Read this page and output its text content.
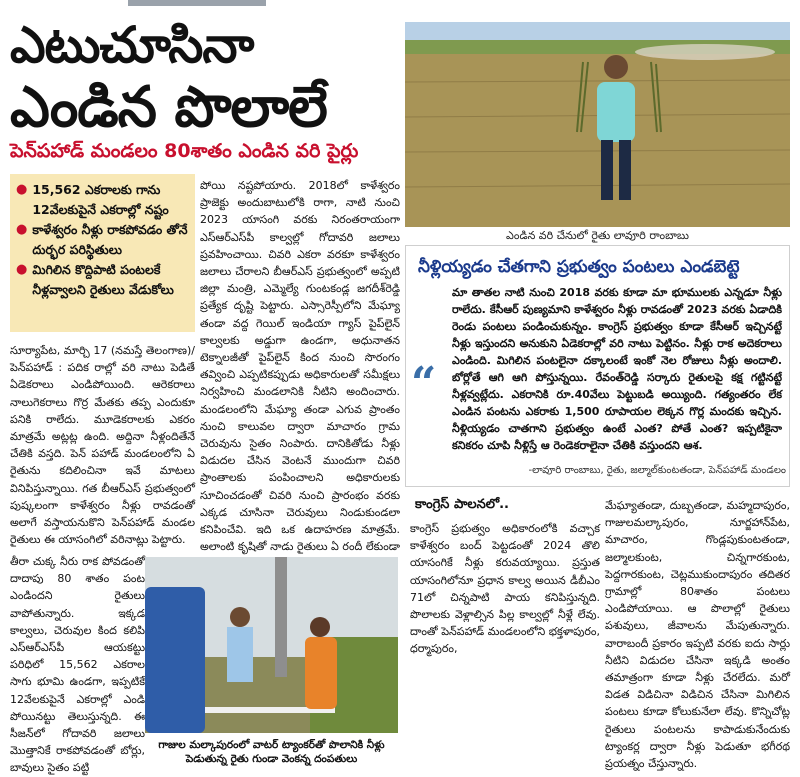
ఎటుచూసినా
ఎండిన పొలాలే
పెన్‌పహాడ్ మండలం 80శాతం ఎండిన వరి పైర్లు
● 15,562 ఎకరాలకు గాను 12వేలకుపైనే ఎకరాల్లో నష్టం
● కాళేశ్వరం నీళ్లు రాకపోవడం తోనే దుర్భర పరిస్థితులు
● మిగిలిన కొద్దిపాటి పంటలకే నీళ్లవ్వాలని రైతులు వేడుకోలు

సూర్యాపేట, మార్చి 17 (నమస్తే తెలంగాణ)/పెన్‌పహాడ్ : పదిక రాల్లో వరి నాటు పెడితే ఏడెకరాలు ఎండిపోయింది. ఆరెకరాలు నాలుగెకరాలు గొర్ర మేతకు తప్ప ఎందుకూ పనికి రాలేదు. మూడెకరాలకు ఎకరం మాత్రమే అట్లట్ల ఉంది. అద్దినా నీళ్లందితేనే చేతికి వస్తది. పెన్ పహాడ్ మండలంలోని ఏ రైతును కదిలించినా ఇవే మాటలు వినిపిస్తున్నాయి. గత బీఆర్ఎస్ ప్రభుత్వంలో పుష్కలంగా కాళేశ్వరం నీళ్లు రావడంతో అలాగే వస్తాయనుకొని పెన్‌పహాడ్ మండల రైతులు ఈ యాసంగిలో వరినాట్లు పెట్టారు.

పోయి నష్టపోయారు. 2018లో కాళేశ్వరం ప్రాజెక్టు అందుబాటులోకి రాగా, నాటి నుంచి 2023 యాసంగి వరకు నిరంతరాయంగా ఎస్ఆర్ఎస్‌పీ కాల్వల్లో గోదావరి జలాలు ప్రవహించాయి. చివరి ఎకరా వరకూ కాళేశ్వరం జలాలు చేరాలని బీఆర్ఎస్ ప్రభుత్వంలో అప్పటి జిల్లా మంత్రి, ఎమ్మెల్యే గుంటకండ్ల జగదీశ్‌రెడ్డి ప్రత్యేక దృష్టి పెట్టారు. ఎస్సారెస్పీలోని మేఘ్యా తండా వద్ద గెయిల్ ఇండియా గ్యాస్ పైప్‌లైన్ కాల్వలకు అడ్డుగా ఉండగా, అధునాతన టెక్నాలజీతో పైప్‌లైన్ కింద నుంచి సొరంగం తవ్వించి ఎప్పటికప్పుడు అధికారులతో సమీక్షలు నిర్వహించి మండలానికి నీటిని అందించారు. మండలంలోని మేఘ్యా తండా ఎగువ ప్రాంతం నుంచి కాలువల ద్వారా మాచారం గ్రామ చెరువును సైతం నింపారు. దానికితోడు నీళ్లు విడుదల చేసిన వెంటనే ముందుగా చివరి ప్రాంతాలకు పంపించాలని అధికారులకు సూచించడంతో చివరి నుంచి ప్రారంభం వరకు ఎక్కడ చూసినా చెరువులు నిండుకుండలా కనిపించేవి. ఇది ఒక ఉదాహరణ మాత్రమే. అలాంటి కృషితో నాడు రైతులు ఏ రందీ లేకుండా

ఎండిన వరి చేనులో రైతు లావూరి రాంబాబు
నీళ్లియ్యడం చేతగాని ప్రభుత్వం పంటలు ఎండబెట్టె
“
మా తాతల నాటి నుంచి 2018 వరకు కూడా మా భూములకు ఎన్నడూ నీళ్లు రాలేదు. కేసీఆర్ పుణ్యమాని కాళేశ్వరం నీళ్లు రావడంతో 2023 వరకు ఏడాదికి రెండు పంటలు పండించుకున్నం. కాంగ్రెస్ ప్రభుత్వం కూడా కేసీఆర్ ఇచ్చినట్టే నీళ్లు ఇస్తుందని అనుకుని ఏడెకరాల్లో వరి నాటు పెట్టినం. నీళ్లు రాక అదెకరాలు ఎండింది. మిగిలిన పంటలైనా దక్కాలంటే ఇంకో నెల రోజులు నీళ్లు అందాలి. బోర్లోతే ఆగి ఆగి పోస్తున్నయి. రేవంత్‌రెడ్డి సర్కారు రైతులపై కక్ష గట్టినట్టే నీళ్లవ్వట్లేదు. ఎకరానికి రూ.40వేలు పెట్టుబడి అయ్యింది. గత్యంతరం లేక ఎండిన పంటను ఎకరాకు 1,500 రూపాయల లెక్కన గొర్ల మందకు ఇచ్చిన. నీళ్లియ్యడం చాతగాని ప్రభుత్వం ఉంటే ఎంత? పోతే ఎంత? ఇప్పటికైనా కనికరం చూపి నీళ్లిస్తే ఆ రెండెకరాలైనా చేతికి వస్తుందని ఆశ.
-లావూరి రాంబాబు, రైతు, జల్మాల్‌కుంటతండా, పెన్‌పహాడ్ మండలం
కాంగ్రెస్ పాలనలో..

కాంగ్రెస్ ప్రభుత్వం అధికారంలోకి వచ్చాక కాళేశ్వరం బంద్ పెట్టడంతో 2024 తొలి యాసంగికే నీళ్లు కరువయ్యాయి. ప్రస్తుత యాసంగిలోనూ ప్రధాన కాల్వ అయిన డీబీఎం 71లో చిన్నపాటి పాయ కనిపిస్తున్నది. పొలాలకు వెళ్లాల్సిన పిల్ల కాల్వల్లో నీళ్లే లేవు. దాంతో పెన్‌పహాడ్ మండలంలోని భక్తళాపురం, ధర్మాపురం,

మేఘ్యాతండా, దుబ్బతండా, మహ్మదాపురం, గాజులమల్కాపురం, నూర్జహాన్‌పేట, మాచారం, గొండ్లపుకుంటతండా, జల్మాలకుంట, చిన్నగారకుంట, పెద్దగారకుంట, చెట్లముకుందాపురం తదితర గ్రామాల్లో 80శాతం పంటలు ఎండిపోయాయి. ఆ పొలాల్లో రైతులు పశువులు, జీవాలను మేపుతున్నారు. వారాబందీ ప్రకారం ఇప్పటి వరకు ఐదు సార్లు నీటిని విడుదల చేసినా ఇక్కడి అంతం తమాత్రంగా కూడా నీళ్లు చేరలేదు. మరో విడత విడిచినా విడిచిన చేసినా మిగిలిన పంటలు కూడా కోలుకునేలా లేవు. కొన్నిచోట్ల రైతులు పంటలను కాపాడుకునేందుకు ట్యాంకర్ల ద్వారా నీళ్లు పెడుతూ భగీరథ ప్రయత్నం చేస్తున్నారు.

తీరా చుక్క నీరు రాక పోవడంతో దాదాపు 80 శాతం పంట ఎండిందని రైతులు వాపోతున్నారు. ఇక్కడ కాల్వలు, చెరువుల కింద కలిపి ఎస్ఆర్ఎస్‌పీ ఆయకట్టు పరిధిలో 15,562 ఎకరాల సాగు భూమి ఉండగా, ఇప్పటికే 12వేలకుపైనే ఎకరాల్లో ఎండి పోయినట్టు తెలుస్తున్నది. ఈ సీజన్‌లో గోదావరి జలాలు మొత్తానికే రాకపోవడంతో బోర్లు, బావులు సైతం పట్టి

గాజుల మల్కాపురంలో వాటర్ ట్యాంకర్‌తో పొలానికి నీళ్లు పెడుతున్న రైతు గుండా వెంకన్న దంపతులు
